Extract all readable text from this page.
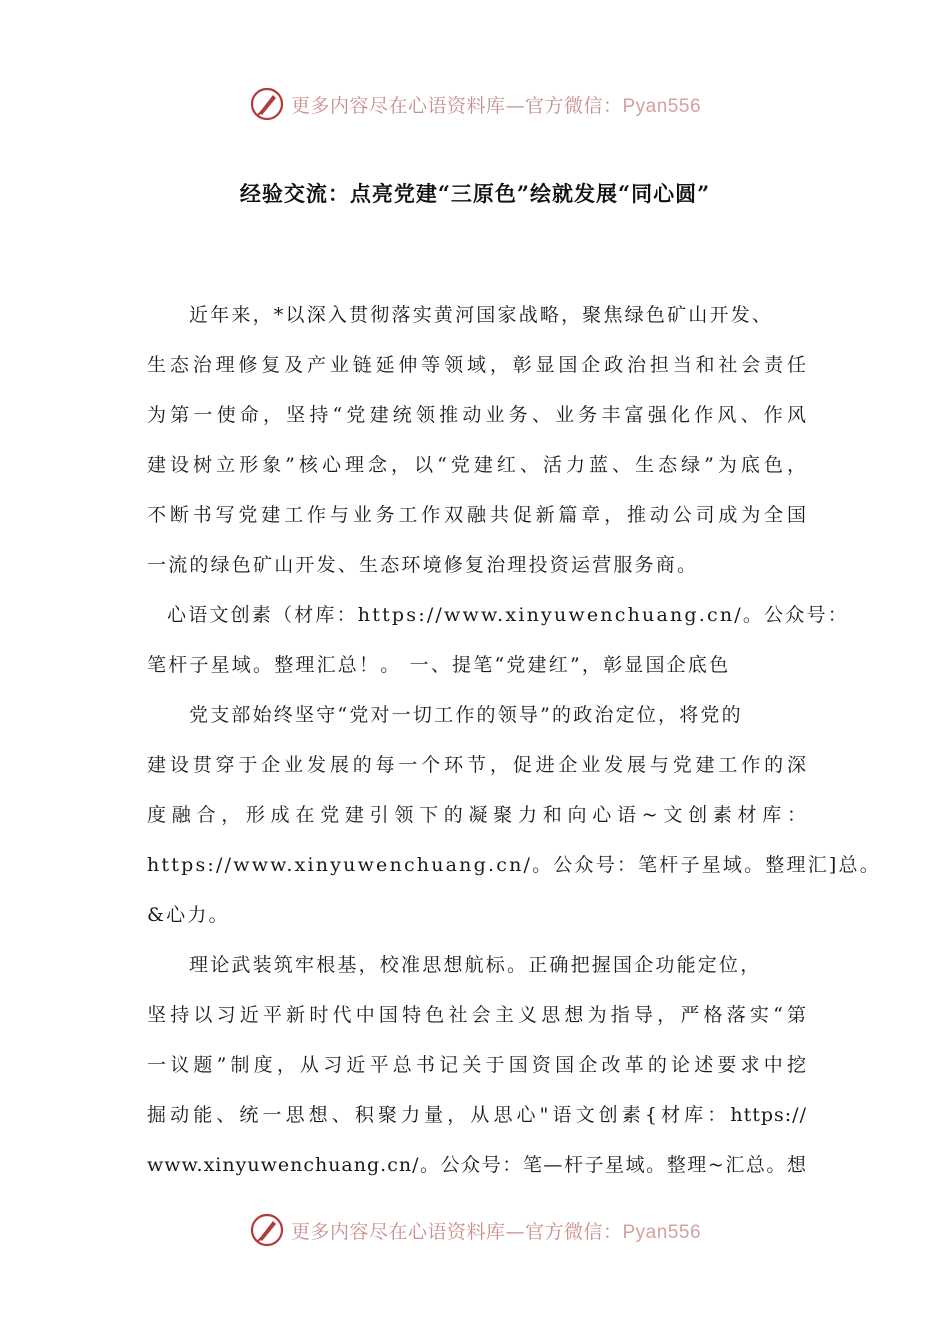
更多内容尽在心语资料库—官方微信：Pyan556
经验交流：点亮党建“三原色”绘就发展“同心圆”
近年来，*以深入贯彻落实黄河国家战略，聚焦绿色矿山开发、
生态治理修复及产业链延伸等领域，彰显国企政治担当和社会责任
为第一使命，坚持“党建统领推动业务、业务丰富强化作风、作风
建设树立形象”核心理念，以“党建红、活力蓝、生态绿”为底色，
不断书写党建工作与业务工作双融共促新篇章，推动公司成为全国
一流的绿色矿山开发、生态环境修复治理投资运营服务商。
心语文创素（材库：https://www.xinyuwenchuang.cn/。公众号：
笔杆子星域。整理汇总！。 一、提笔“党建红”，彰显国企底色
党支部始终坚守“党对一切工作的领导”的政治定位，将党的
建设贯穿于企业发展的每一个环节，促进企业发展与党建工作的深
度融合，形成在党建引领下的凝聚力和向心语~文创素材库：
https://www.xinyuwenchuang.cn/。公众号：笔杆子星域。整理汇]总。
&心力。
理论武装筑牢根基，校准思想航标。正确把握国企功能定位，
坚持以习近平新时代中国特色社会主义思想为指导，严格落实“第
一议题”制度，从习近平总书记关于国资国企改革的论述要求中挖
掘动能、统一思想、积聚力量，从思心"语文创素{材库：https://
www.xinyuwenchuang.cn/。公众号：笔—杆子星域。整理~汇总。想
更多内容尽在心语资料库—官方微信：Pyan556
